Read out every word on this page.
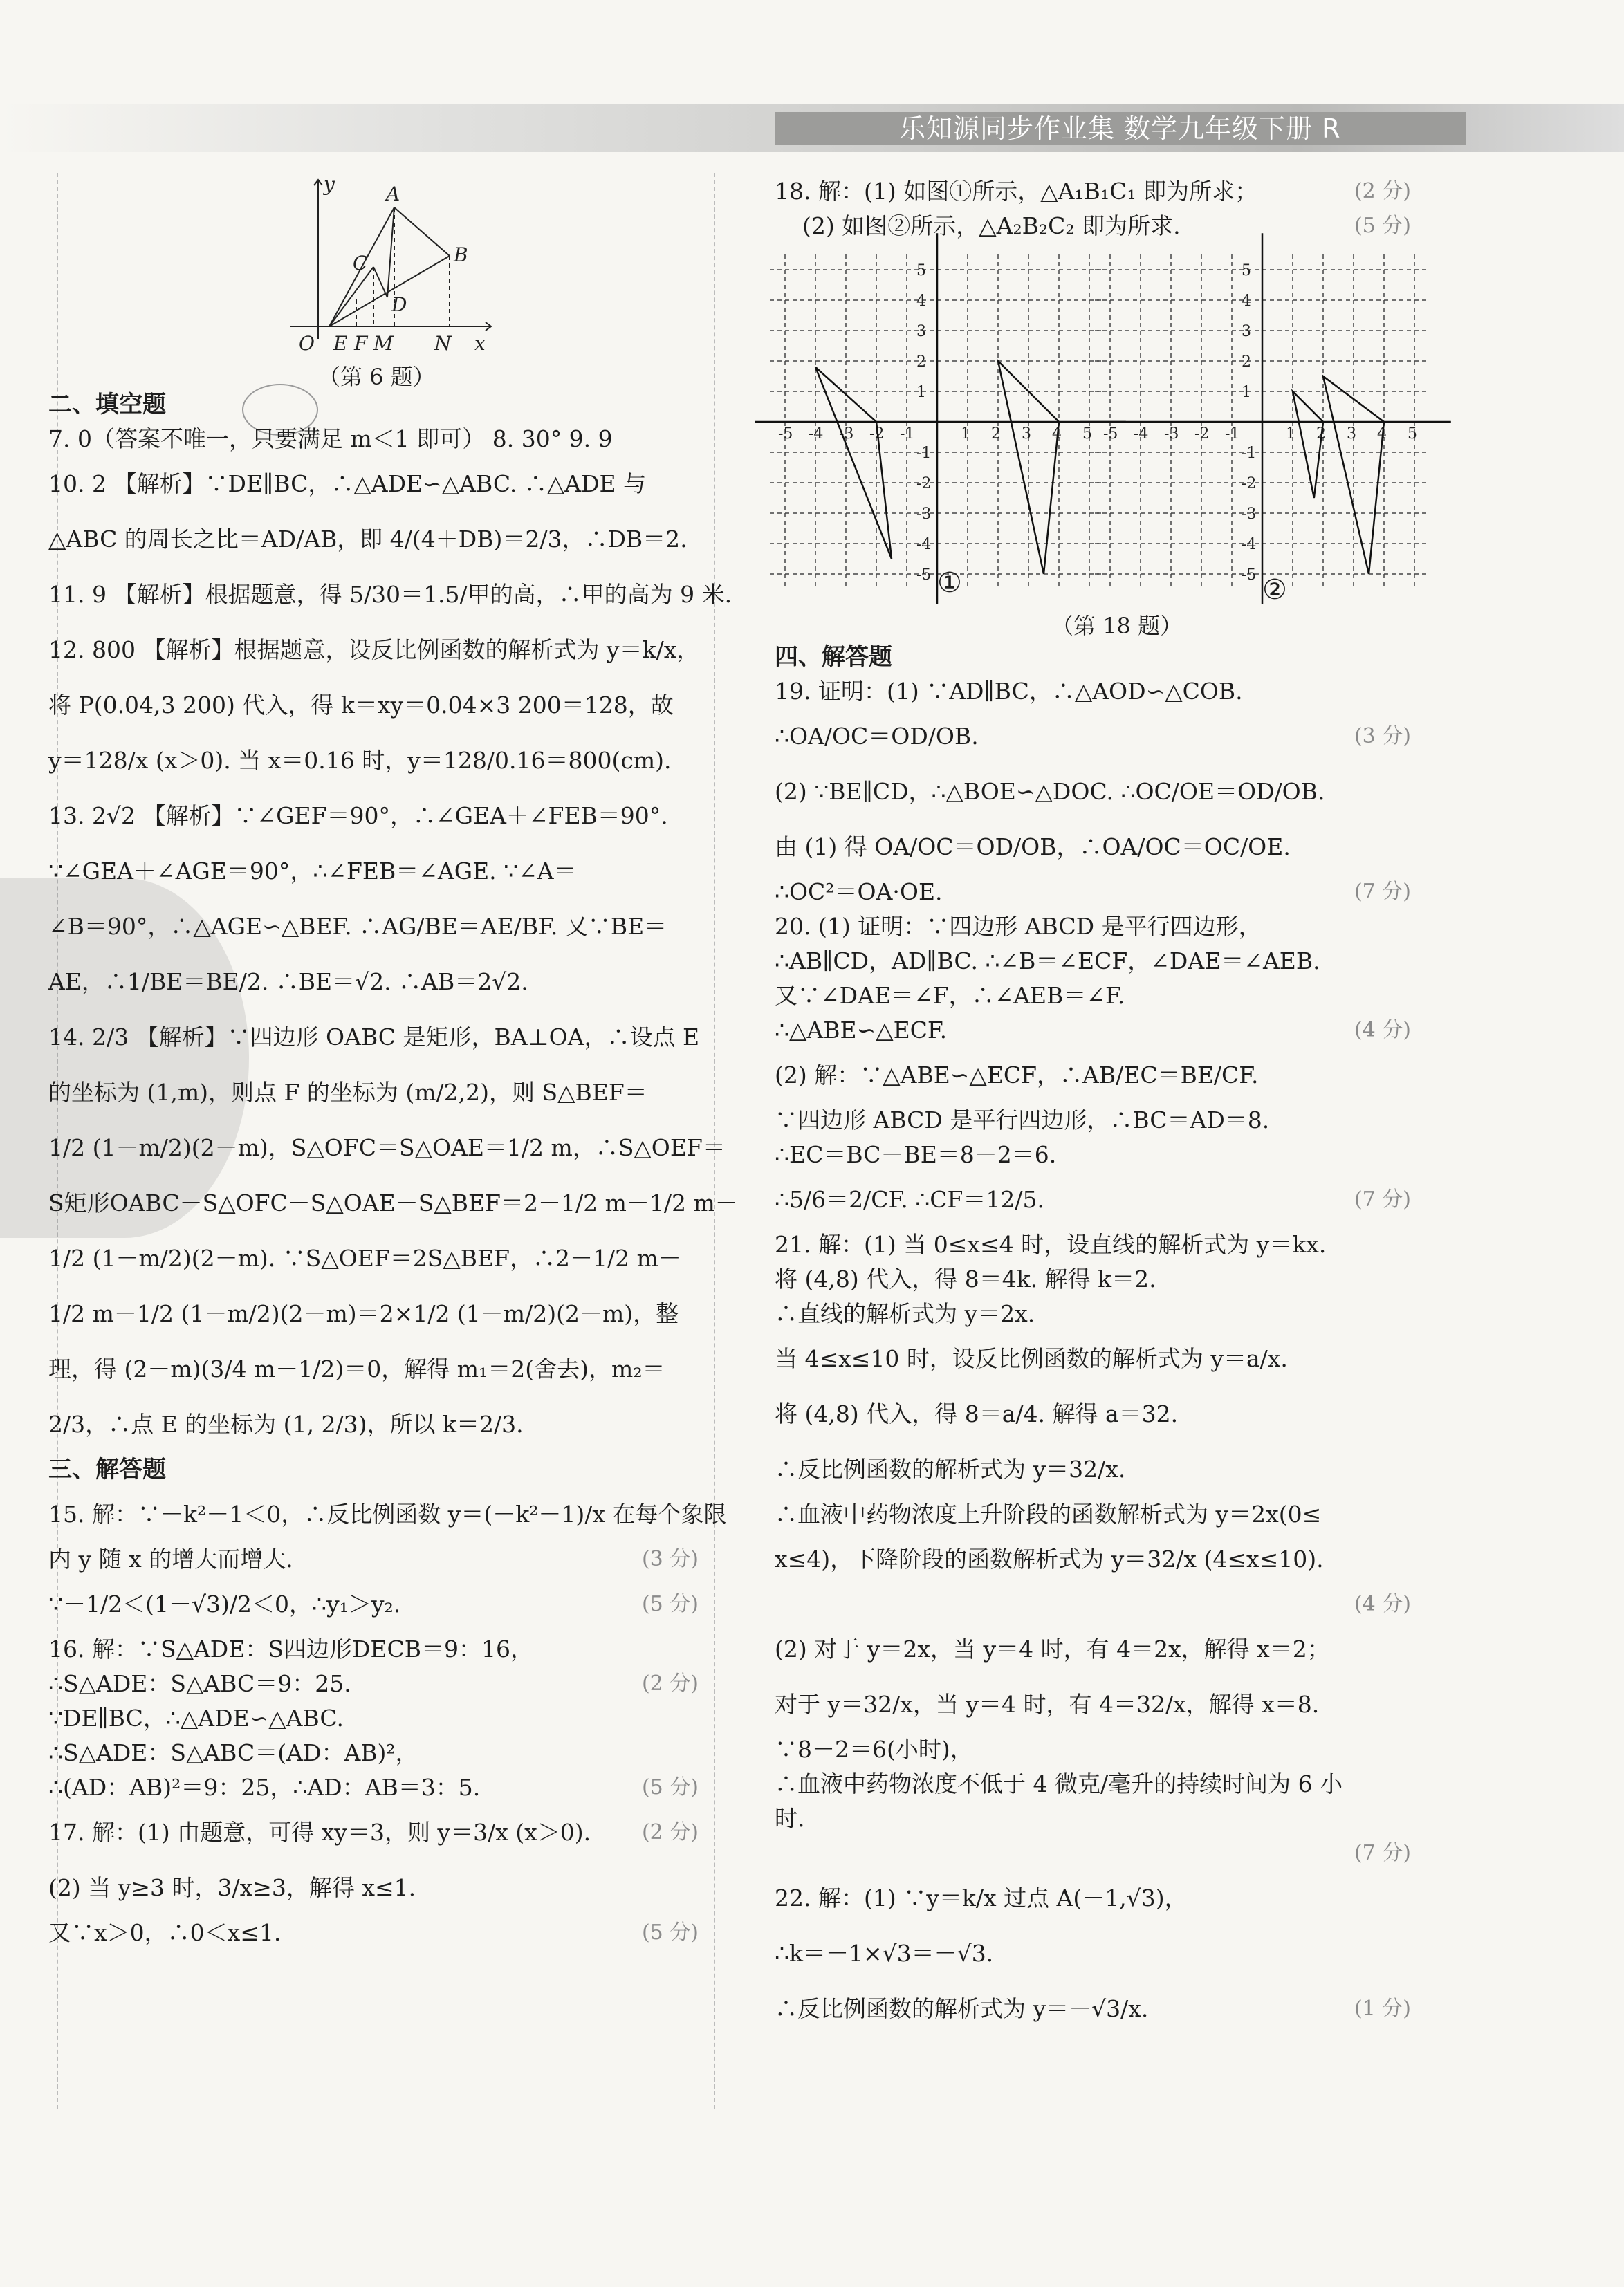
乐知源同步作业集 数学九年级下册 R
y	A
B
C
D
O E F M N x
（第 6 题）
二、填空题
7. 0（答案不唯一，只要满足 m＜1 即可） 8. 30° 9. 9
10. 2 【解析】∵DE∥BC，∴△ADE∽△ABC. ∴△ADE 与
△ABC 的周长之比＝AD/AB，即 4/(4＋DB)＝2/3，∴DB＝2.
11. 9 【解析】根据题意，得 5/30＝1.5/甲的高，∴甲的高为 9 米.
12. 800 【解析】根据题意，设反比例函数的解析式为 y＝k/x，
将 P(0.04,3 200) 代入，得 k＝xy＝0.04×3 200＝128，故
y＝128/x (x＞0). 当 x＝0.16 时，y＝128/0.16＝800(cm).
13. 2√2 【解析】∵∠GEF＝90°，∴∠GEA＋∠FEB＝90°.
∵∠GEA＋∠AGE＝90°，∴∠FEB＝∠AGE. ∵∠A＝
∠B＝90°，∴△AGE∽△BEF. ∴AG/BE＝AE/BF. 又∵BE＝
AE，∴1/BE＝BE/2. ∴BE＝√2. ∴AB＝2√2.
14. 2/3 【解析】∵四边形 OABC 是矩形，BA⊥OA，∴设点 E
的坐标为 (1,m)，则点 F 的坐标为 (m/2,2)，则 S△BEF＝
1/2 (1－m/2)(2－m)，S△OFC＝S△OAE＝1/2 m，∴S△OEF＝
S矩形OABC－S△OFC－S△OAE－S△BEF＝2－1/2 m－1/2 m－
1/2 (1－m/2)(2－m). ∵S△OEF＝2S△BEF，∴2－1/2 m－
1/2 m－1/2 (1－m/2)(2－m)＝2×1/2 (1－m/2)(2－m)，整
理，得 (2－m)(3/4 m－1/2)＝0，解得 m₁＝2(舍去)，m₂＝
2/3，∴点 E 的坐标为 (1, 2/3)，所以 k＝2/3.
三、解答题
15. 解：∵－k²－1＜0，∴反比例函数 y＝(－k²－1)/x 在每个象限
内 y 随 x 的增大而增大.	(3 分)
∵－1/2＜(1－√3)/2＜0，∴y₁＞y₂.	(5 分)
16. 解：∵S△ADE：S四边形DECB＝9：16，
∴S△ADE：S△ABC＝9：25.	(2 分)
∵DE∥BC，∴△ADE∽△ABC.
∴S△ADE：S△ABC＝(AD：AB)²，
∴(AD：AB)²＝9：25，∴AD：AB＝3：5.	(5 分)
17. 解：(1) 由题意，可得 xy＝3，则 y＝3/x (x＞0). (2 分)
(2) 当 y≥3 时，3/x≥3，解得 x≤1.
又∵x＞0，∴0＜x≤1.	(5 分)
18. 解：(1) 如图①所示，△A₁B₁C₁ 即为所求；	(2 分)
(2) 如图②所示，△A₂B₂C₂ 即为所求.	(5 分)
-5
-5
-4
-4
-3
-3
-2
-2
-1
-1
1
1
2
2
3
3
4
4
5
5
-5
-5
-4
-4
-3
-3
-2
-2
-1
-1
1
1
2
2
3
3
4
4
5
5
①	②
（第 18 题）
四、解答题
19. 证明：(1) ∵AD∥BC，∴△AOD∽△COB.
∴OA/OC＝OD/OB.	(3 分)
(2) ∵BE∥CD，∴△BOE∽△DOC. ∴OC/OE＝OD/OB.
由 (1) 得 OA/OC＝OD/OB，∴OA/OC＝OC/OE.
∴OC²＝OA·OE.	(7 分)
20. (1) 证明：∵四边形 ABCD 是平行四边形，
∴AB∥CD，AD∥BC. ∴∠B＝∠ECF，∠DAE＝∠AEB.
又∵∠DAE＝∠F，∴∠AEB＝∠F.
∴△ABE∽△ECF.	(4 分)
(2) 解：∵△ABE∽△ECF，∴AB/EC＝BE/CF.
∵四边形 ABCD 是平行四边形，∴BC＝AD＝8.
∴EC＝BC－BE＝8－2＝6.
∴5/6＝2/CF. ∴CF＝12/5.	(7 分)
21. 解：(1) 当 0≤x≤4 时，设直线的解析式为 y＝kx.
将 (4,8) 代入，得 8＝4k. 解得 k＝2.
∴直线的解析式为 y＝2x.
当 4≤x≤10 时，设反比例函数的解析式为 y＝a/x.
将 (4,8) 代入，得 8＝a/4. 解得 a＝32.
∴反比例函数的解析式为 y＝32/x.
∴血液中药物浓度上升阶段的函数解析式为 y＝2x(0≤
x≤4)，下降阶段的函数解析式为 y＝32/x (4≤x≤10).
(4 分)
(2) 对于 y＝2x，当 y＝4 时，有 4＝2x，解得 x＝2；
对于 y＝32/x，当 y＝4 时，有 4＝32/x，解得 x＝8.
∵8－2＝6(小时)，
∴血液中药物浓度不低于 4 微克/毫升的持续时间为 6 小
时.
(7 分)
22. 解：(1) ∵y＝k/x 过点 A(－1,√3)，
∴k＝－1×√3＝－√3.
∴反比例函数的解析式为 y＝－√3/x.	(1 分)
